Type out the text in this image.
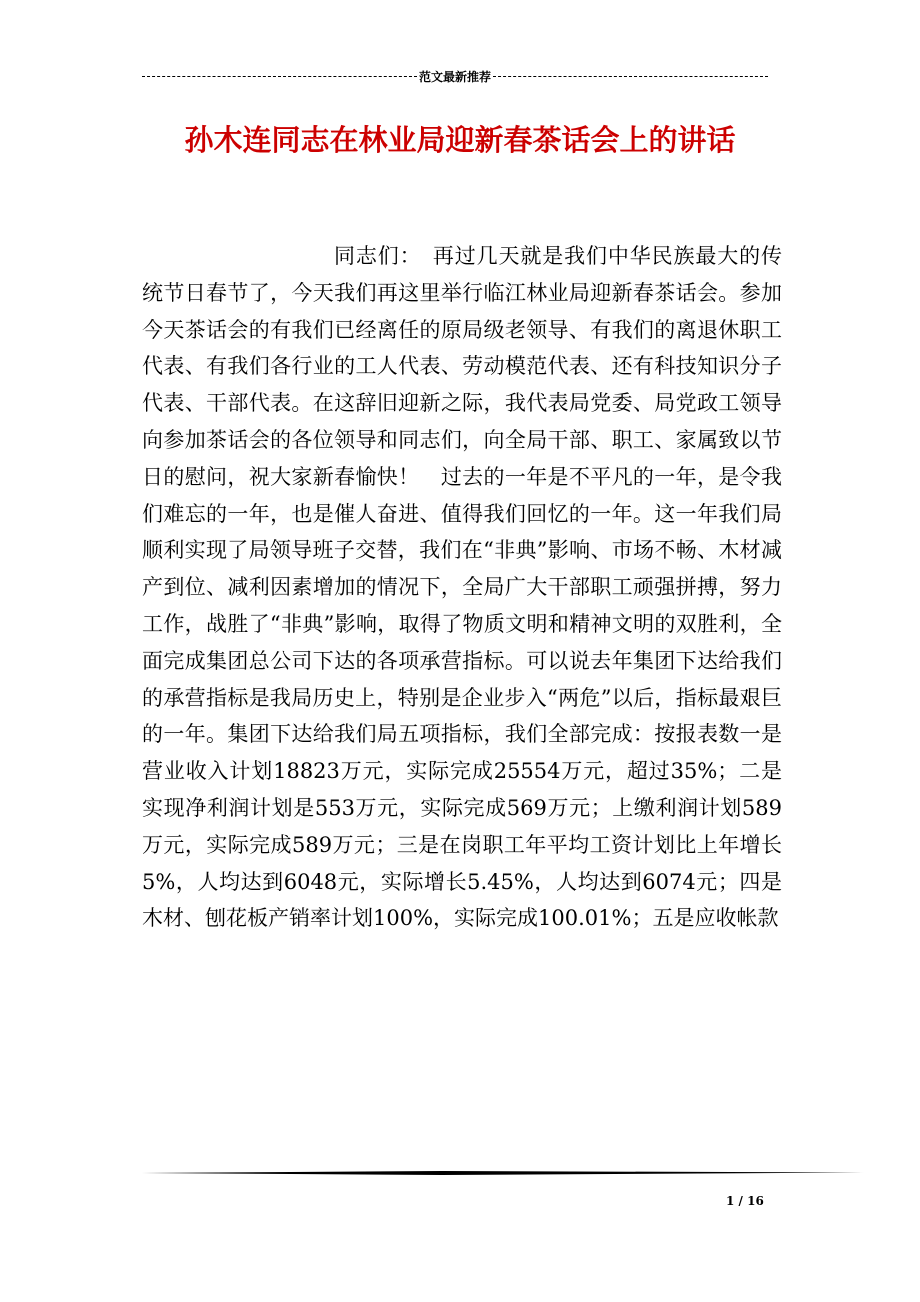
范文最新推荐
孙木连同志在林业局迎新春茶话会上的讲话
同志们：　再过几天就是我们中华民族最大的传统节日春节了，今天我们再这里举行临江林业局迎新春茶话会。参加今天茶话会的有我们已经离任的原局级老领导、有我们的离退休职工代表、有我们各行业的工人代表、劳动模范代表、还有科技知识分子代表、干部代表。在这辞旧迎新之际，我代表局党委、局党政工领导向参加茶话会的各位领导和同志们，向全局干部、职工、家属致以节日的慰问，祝大家新春愉快！　过去的一年是不平凡的一年，是令我们难忘的一年，也是催人奋进、值得我们回忆的一年。这一年我们局顺利实现了局领导班子交替，我们在“非典”影响、市场不畅、木材减产到位、减利因素增加的情况下，全局广大干部职工顽强拼搏，努力工作，战胜了“非典”影响，取得了物质文明和精神文明的双胜利，全面完成集团总公司下达的各项承营指标。可以说去年集团下达给我们的承营指标是我局历史上，特别是企业步入“两危”以后，指标最艰巨的一年。集团下达给我们局五项指标，我们全部完成：按报表数一是营业收入计划18823万元，实际完成25554万元，超过35%；二是实现净利润计划是553万元，实际完成569万元；上缴利润计划589万元，实际完成589万元；三是在岗职工年平均工资计划比上年增长5%，人均达到6048元，实际增长5.45%，人均达到6074元；四是木材、刨花板产销率计划100%，实际完成100.01%；五是应收帐款
1 / 16
